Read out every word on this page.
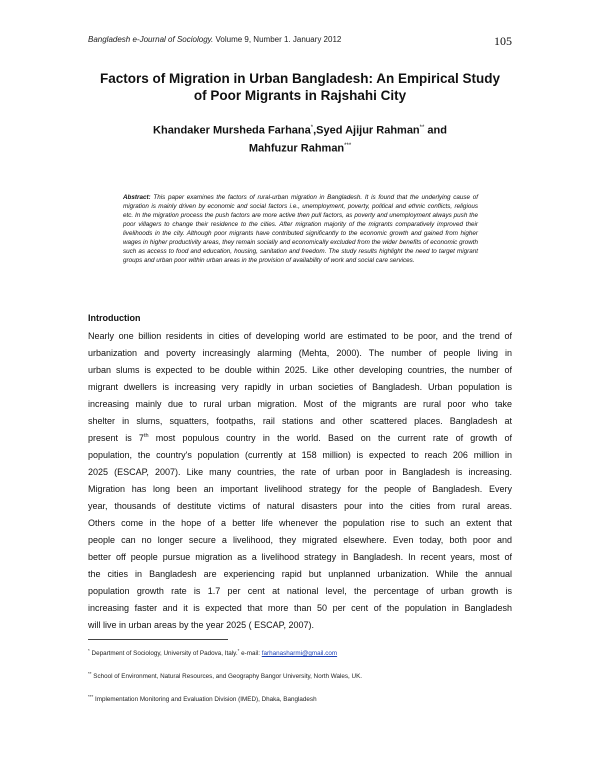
Bangladesh e-Journal of Sociology. Volume 9, Number 1. January 2012	105
Factors of Migration in Urban Bangladesh: An Empirical Study
of Poor Migrants in Rajshahi City
Khandaker Mursheda Farhana*,Syed Ajijur Rahman** and
Mahfuzur Rahman***

Abstract: This paper examines the factors of rural-urban migration in Bangladesh. It is found that the underlying cause of migration is mainly driven by economic and social factors i.e., unemployment, poverty, political and ethnic conflicts, religious etc. In the migration process the push factors are more active then pull factors, as poverty and unemployment always push the poor villagers to change their residence to the cities. After migration majority of the migrants comparatively improved their livelihoods in the city. Although poor migrants have contributed significantly to the economic growth and gained from higher wages in higher productivity areas, they remain socially and economically excluded from the wider benefits of economic growth such as access to food and education, housing, sanitation and freedom. The study results highlight the need to target migrant groups and urban poor within urban areas in the provision of availability of work and social care services.

Introduction
Nearly one billion residents in cities of developing world are estimated to be poor, and the trend of
urbanization and poverty increasingly alarming (Mehta, 2000). The number of people living in
urban slums is expected to be double within 2025. Like other developing countries, the number of
migrant dwellers is increasing very rapidly in urban societies of Bangladesh. Urban population is
increasing mainly due to rural urban migration. Most of the migrants are rural poor who take
shelter in slums, squatters, footpaths, rail stations and other scattered places. Bangladesh at
present is 7th most populous country in the world. Based on the current rate of growth of
population, the country's population (currently at 158 million) is expected to reach 206 million in
2025 (ESCAP, 2007). Like many countries, the rate of urban poor in Bangladesh is increasing.
Migration has long been an important livelihood strategy for the people of Bangladesh. Every
year, thousands of destitute victims of natural disasters pour into the cities from rural areas.
Others come in the hope of a better life whenever the population rise to such an extent that
people can no longer secure a livelihood, they migrated elsewhere. Even today, both poor and
better off people pursue migration as a livelihood strategy in Bangladesh. In recent years, most of
the cities in Bangladesh are experiencing rapid but unplanned urbanization. While the annual
population growth rate is 1.7 per cent at national level, the percentage of urban growth is
increasing faster and it is expected that more than 50 per cent of the population in Bangladesh
will live in urban areas by the year 2025 ( ESCAP, 2007).
* Department of Sociology, University of Padova, Italy.* e-mail: farhanasharmi@gmail.com
** School of Environment, Natural Resources, and Geography Bangor University, North Wales, UK.
*** Implementation Monitoring and Evaluation Division (IMED), Dhaka, Bangladesh
